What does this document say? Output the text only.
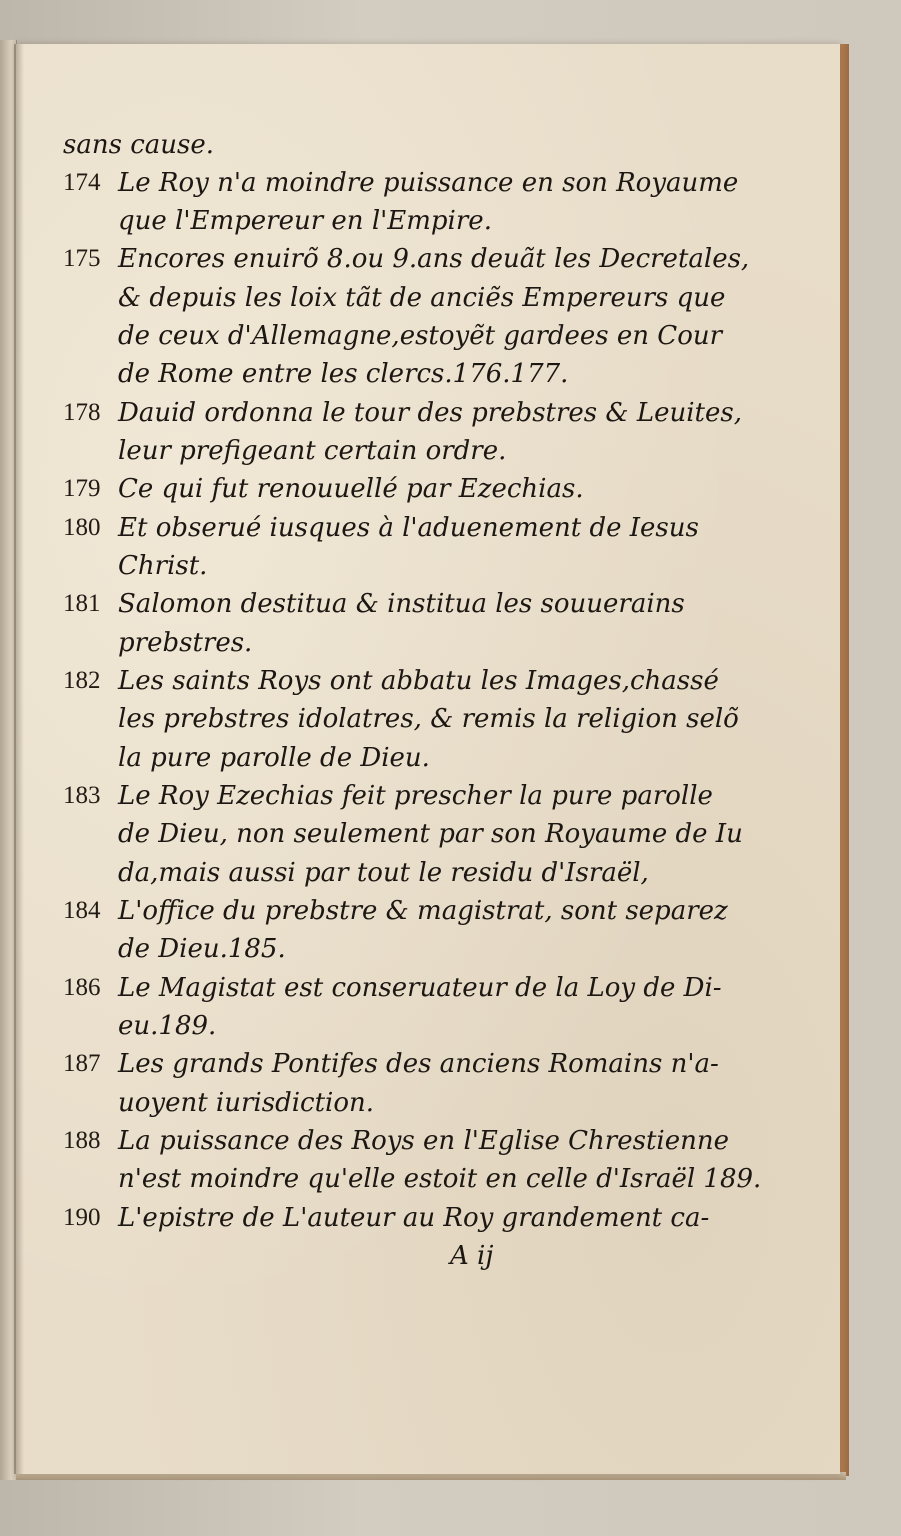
sans cause.
174 Le Roy n'a moindre puissance en son Royaume
que l'Empereur en l'Empire.
175 Encores enuirõ 8.ou 9.ans deuãt les Decretales,
& depuis les loix tãt de anciẽs Empereurs que
de ceux d'Allemagne,estoyẽt gardees en Cour
de Rome entre les clercs.176.177.
178 Dauid ordonna le tour des prebstres & Leuites,
leur prefigeant certain ordre.
179 Ce qui fut renouuellé par Ezechias.
180 Et obserué iusques à l'aduenement de Iesus
Christ.
181 Salomon destitua & institua les souuerains
prebstres.
182 Les saints Roys ont abbatu les Images,chassé
les prebstres idolatres, & remis la religion selõ
la pure parolle de Dieu.
183 Le Roy Ezechias feit prescher la pure parolle
de Dieu, non seulement par son Royaume de Iu
da,mais aussi par tout le residu d'Israël,
184 L'office du prebstre & magistrat, sont separez
de Dieu.185.
186 Le Magistat est conseruateur de la Loy de Di-
eu.189.
187 Les grands Pontifes des anciens Romains n'a-
uoyent iurisdiction.
188 La puissance des Roys en l'Eglise Chrestienne
n'est moindre qu'elle estoit en celle d'Israël 189.
190 L'epistre de L'auteur au Roy grandement ca-
A ij
